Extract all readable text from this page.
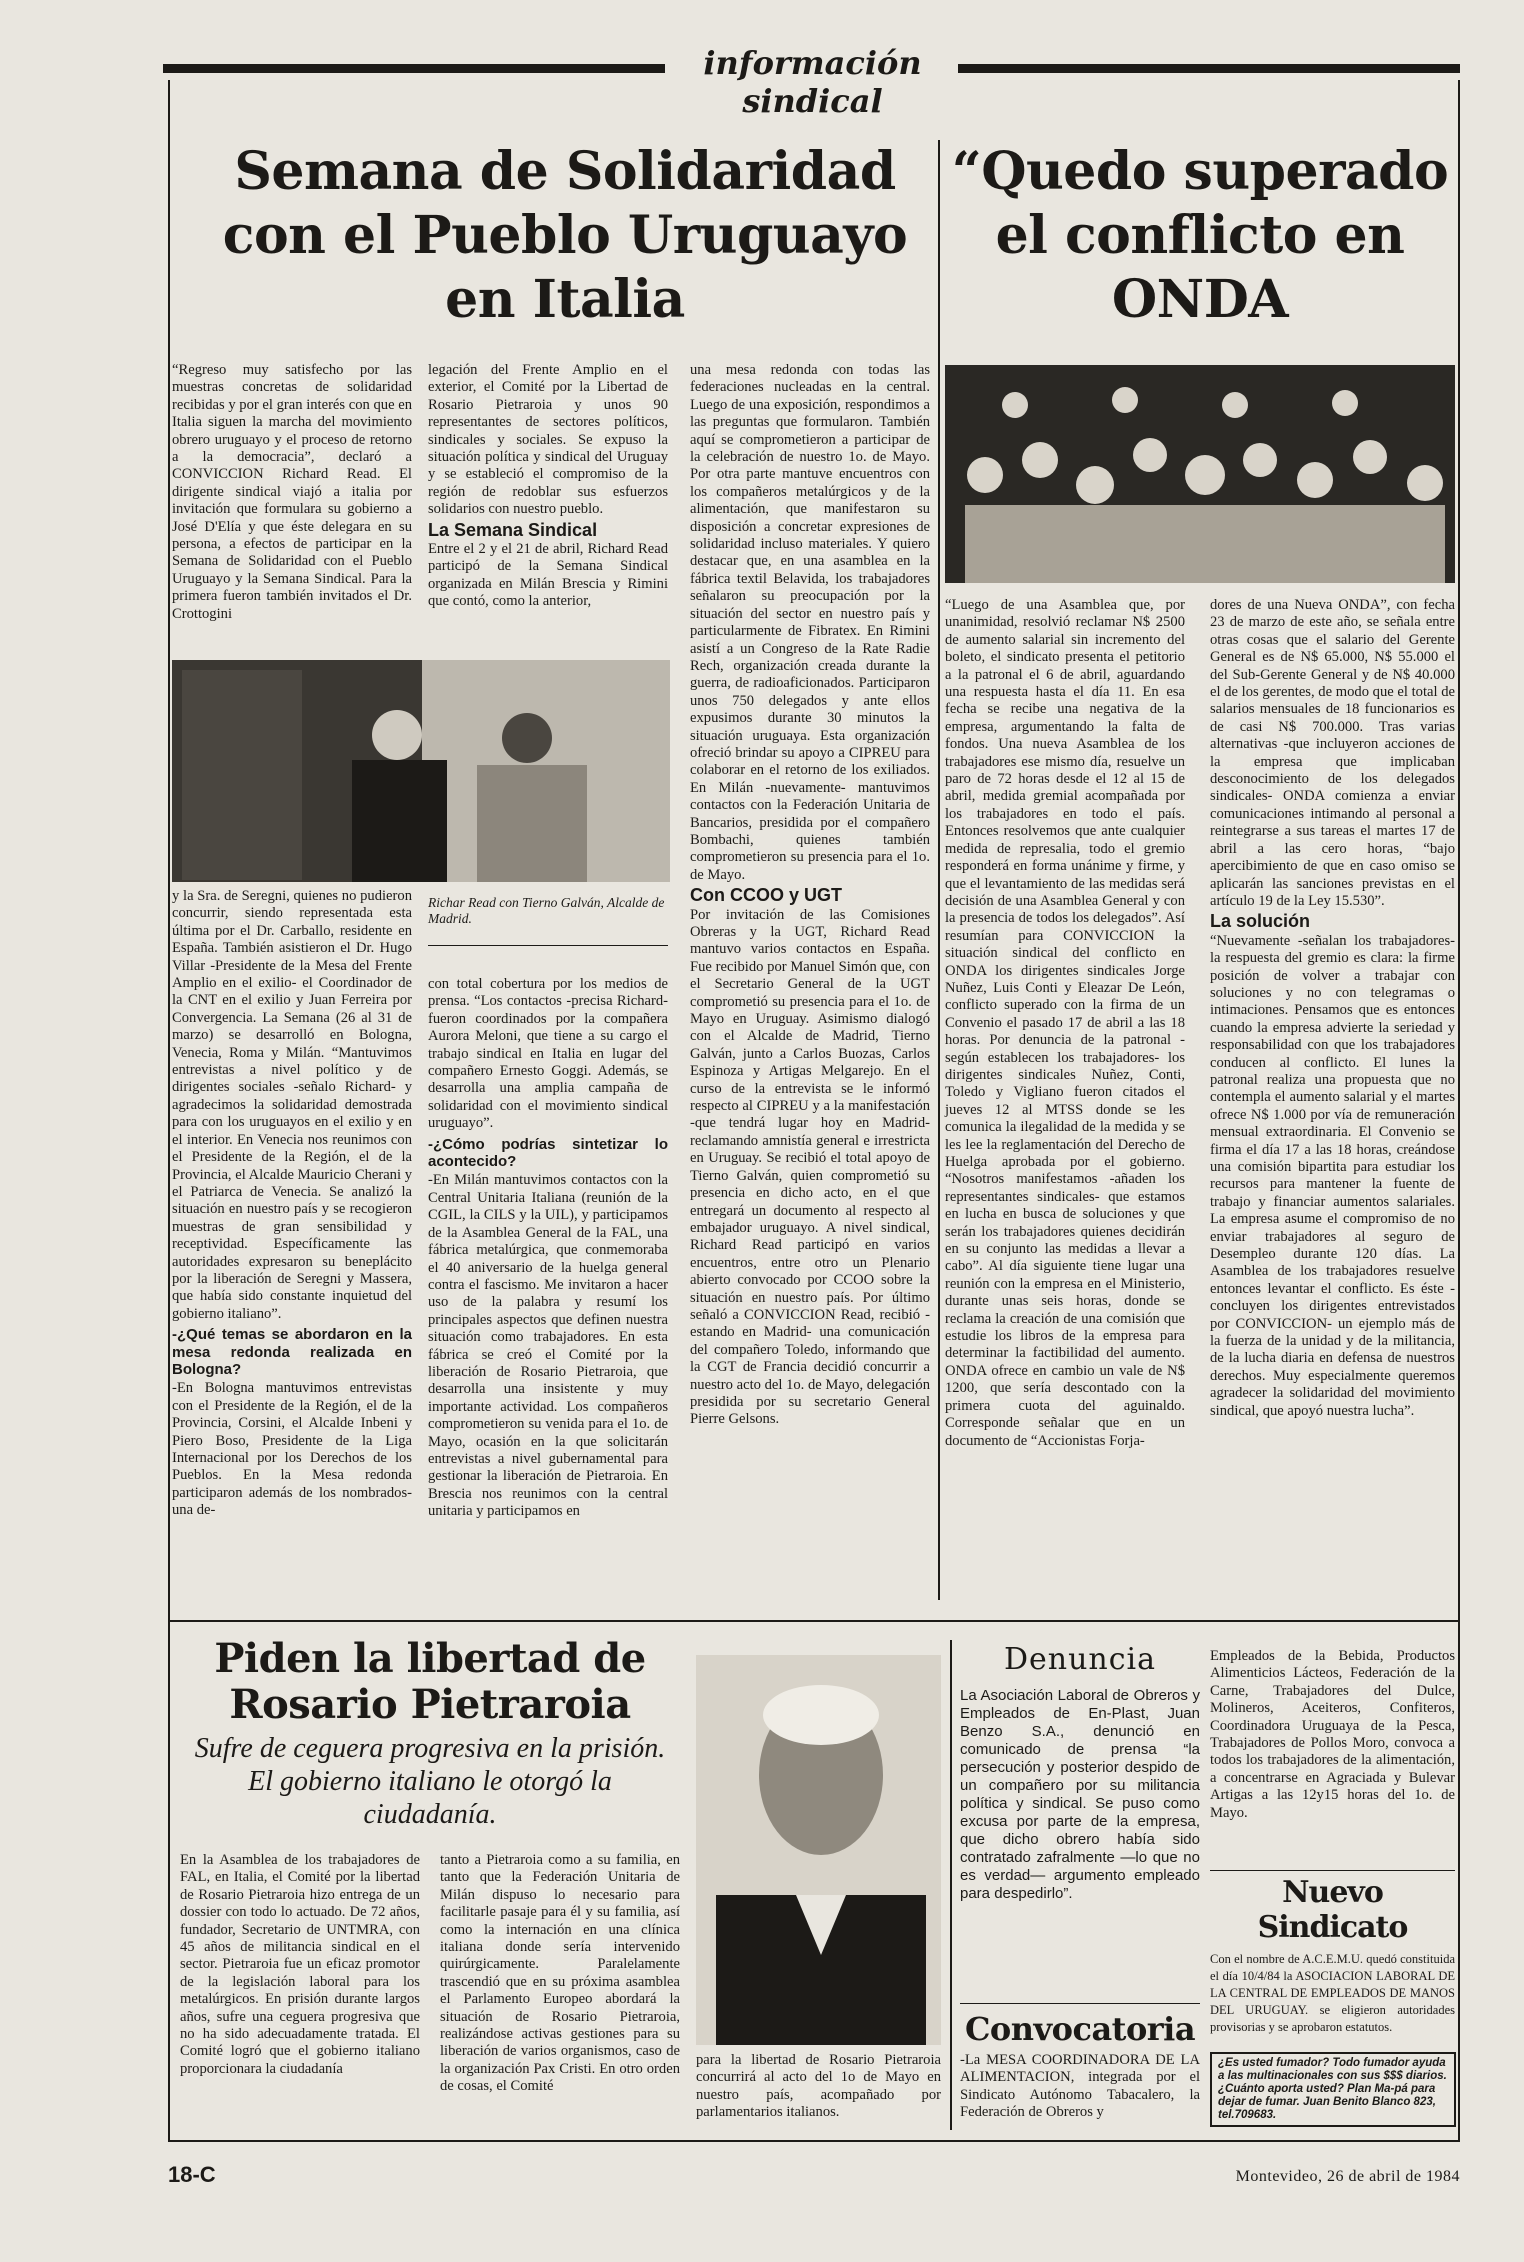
información sindical
Semana de Solidaridad con el Pueblo Uruguayo en Italia
“Regreso muy satisfecho por las muestras concretas de solidaridad recibidas y por el gran interés con que en Italia siguen la marcha del movimiento obrero uruguayo y el proceso de retorno a la democracia”, declaró a CONVICCION Richard Read. El dirigente sindical viajó a italia por invitación que formulara su gobierno a José D'Elía y que éste delegara en su persona, a efectos de participar en la Semana de Solidaridad con el Pueblo Uruguayo y la Semana Sindical. Para la primera fueron también invitados el Dr. Crottogini
legación del Frente Amplio en el exterior, el Comité por la Libertad de Rosario Pietraroia y unos 90 representantes de sectores políticos, sindicales y sociales. Se expuso la situación política y sindical del Uruguay y se estableció el compromiso de la región de redoblar sus esfuerzos solidarios con nuestro pueblo.
La Semana Sindical
Entre el 2 y el 21 de abril, Richard Read participó de la Semana Sindical organizada en Milán Brescia y Rimini que contó, como la anterior,
Richar Read con Tierno Galván, Alcalde de Madrid.
y la Sra. de Seregni, quienes no pudieron concurrir, siendo representada esta última por el Dr. Carballo, residente en España. También asistieron el Dr. Hugo Villar -Presidente de la Mesa del Frente Amplio en el exilio- el Coordinador de la CNT en el exilio y Juan Ferreira por Convergencia. La Semana (26 al 31 de marzo) se desarrolló en Bologna, Venecia, Roma y Milán. “Mantuvimos entrevistas a nivel político y de dirigentes sociales -señalo Richard- y agradecimos la solidaridad demostrada para con los uruguayos en el exilio y en el interior. En Venecia nos reunimos con el Presidente de la Región, el de la Provincia, el Alcalde Mauricio Cherani y el Patriarca de Venecia. Se analizó la situación en nuestro país y se recogieron muestras de gran sensibilidad y receptividad. Específicamente las autoridades expresaron su beneplácito por la liberación de Seregni y Massera, que había sido constante inquietud del gobierno italiano”.
-¿Qué temas se abordaron en la mesa redonda realizada en Bologna?
-En Bologna mantuvimos entrevistas con el Presidente de la Región, el de la Provincia, Corsini, el Alcalde Inbeni y Piero Boso, Presidente de la Liga Internacional por los Derechos de los Pueblos. En la Mesa redonda participaron además de los nombrados- una de-
con total cobertura por los medios de prensa. “Los contactos -precisa Richard- fueron coordinados por la compañera Aurora Meloni, que tiene a su cargo el trabajo sindical en Italia en lugar del compañero Ernesto Goggi. Además, se desarrolla una amplia campaña de solidaridad con el movimiento sindical uruguayo”.
-¿Cómo podrías sintetizar lo acontecido?
-En Milán mantuvimos contactos con la Central Unitaria Italiana (reunión de la CGIL, la CILS y la UIL), y participamos de la Asamblea General de la FAL, una fábrica metalúrgica, que conmemoraba el 40 aniversario de la huelga general contra el fascismo. Me invitaron a hacer uso de la palabra y resumí los principales aspectos que definen nuestra situación como trabajadores. En esta fábrica se creó el Comité por la liberación de Rosario Pietraroia, que desarrolla una insistente y muy importante actividad. Los compañeros comprometieron su venida para el 1o. de Mayo, ocasión en la que solicitarán entrevistas a nivel gubernamental para gestionar la liberación de Pietraroia. En Brescia nos reunimos con la central unitaria y participamos en
una mesa redonda con todas las federaciones nucleadas en la central. Luego de una exposición, respondimos a las preguntas que formularon. También aquí se comprometieron a participar de la celebración de nuestro 1o. de Mayo. Por otra parte mantuve encuentros con los compañeros metalúrgicos y de la alimentación, que manifestaron su disposición a concretar expresiones de solidaridad incluso materiales. Y quiero destacar que, en una asamblea en la fábrica textil Belavida, los trabajadores señalaron su preocupación por la situación del sector en nuestro país y particularmente de Fibratex. En Rimini asistí a un Congreso de la Rate Radie Rech, organización creada durante la guerra, de radioaficionados. Participaron unos 750 delegados y ante ellos expusimos durante 30 minutos la situación uruguaya. Esta organización ofreció brindar su apoyo a CIPREU para colaborar en el retorno de los exiliados. En Milán -nuevamente- mantuvimos contactos con la Federación Unitaria de Bancarios, presidida por el compañero Bombachi, quienes también comprometieron su presencia para el 1o. de Mayo.
Con CCOO y UGT
Por invitación de las Comisiones Obreras y la UGT, Richard Read mantuvo varios contactos en España. Fue recibido por Manuel Simón que, con el Secretario General de la UGT comprometió su presencia para el 1o. de Mayo en Uruguay. Asimismo dialogó con el Alcalde de Madrid, Tierno Galván, junto a Carlos Buozas, Carlos Espinoza y Artigas Melgarejo. En el curso de la entrevista se le informó respecto al CIPREU y a la manifestación -que tendrá lugar hoy en Madrid- reclamando amnistía general e irrestricta en Uruguay. Se recibió el total apoyo de Tierno Galván, quien comprometió su presencia en dicho acto, en el que entregará un documento al respecto al embajador uruguayo. A nivel sindical, Richard Read participó en varios encuentros, entre otro un Plenario abierto convocado por CCOO sobre la situación en nuestro país. Por último señaló a CONVICCION Read, recibió -estando en Madrid- una comunicación del compañero Toledo, informando que la CGT de Francia decidió concurrir a nuestro acto del 1o. de Mayo, delegación presidida por su secretario General Pierre Gelsons.
“Quedo superado el conflicto en ONDA
“Luego de una Asamblea que, por unanimidad, resolvió reclamar N$ 2500 de aumento salarial sin incremento del boleto, el sindicato presenta el petitorio a la patronal el 6 de abril, aguardando una respuesta hasta el día 11. En esa fecha se recibe una negativa de la empresa, argumentando la falta de fondos. Una nueva Asamblea de los trabajadores ese mismo día, resuelve un paro de 72 horas desde el 12 al 15 de abril, medida gremial acompañada por los trabajadores en todo el país. Entonces resolvemos que ante cualquier medida de represalia, todo el gremio responderá en forma unánime y firme, y que el levantamiento de las medidas será decisión de una Asamblea General y con la presencia de todos los delegados”. Así resumían para CONVICCION la situación sindical del conflicto en ONDA los dirigentes sindicales Jorge Nuñez, Luis Conti y Eleazar De León, conflicto superado con la firma de un Convenio el pasado 17 de abril a las 18 horas. Por denuncia de la patronal -según establecen los trabajadores- los dirigentes sindicales Nuñez, Conti, Toledo y Vigliano fueron citados el jueves 12 al MTSS donde se les comunica la ilegalidad de la medida y se les lee la reglamentación del Derecho de Huelga aprobada por el gobierno. “Nosotros manifestamos -añaden los representantes sindicales- que estamos en lucha en busca de soluciones y que serán los trabajadores quienes decidirán en su conjunto las medidas a llevar a cabo”. Al día siguiente tiene lugar una reunión con la empresa en el Ministerio, durante unas seis horas, donde se reclama la creación de una comisión que estudie los libros de la empresa para determinar la factibilidad del aumento. ONDA ofrece en cambio un vale de N$ 1200, que sería descontado con la primera cuota del aguinaldo. Corresponde señalar que en un documento de “Accionistas Forja-
dores de una Nueva ONDA”, con fecha 23 de marzo de este año, se señala entre otras cosas que el salario del Gerente General es de N$ 65.000, N$ 55.000 el del Sub-Gerente General y de N$ 40.000 el de los gerentes, de modo que el total de salarios mensuales de 18 funcionarios es de casi N$ 700.000. Tras varias alternativas -que incluyeron acciones de la empresa que implicaban desconocimiento de los delegados sindicales- ONDA comienza a enviar comunicaciones intimando al personal a reintegrarse a sus tareas el martes 17 de abril a las cero horas, “bajo apercibimiento de que en caso omiso se aplicarán las sanciones previstas en el artículo 19 de la Ley 15.530”.
La solución
“Nuevamente -señalan los trabajadores- la respuesta del gremio es clara: la firme posición de volver a trabajar con soluciones y no con telegramas o intimaciones. Pensamos que es entonces cuando la empresa advierte la seriedad y responsabilidad con que los trabajadores conducen al conflicto. El lunes la patronal realiza una propuesta que no contempla el aumento salarial y el martes ofrece N$ 1.000 por vía de remuneración mensual extraordinaria. El Convenio se firma el día 17 a las 18 horas, creándose una comisión bipartita para estudiar los recursos para mantener la fuente de trabajo y financiar aumentos salariales. La empresa asume el compromiso de no enviar trabajadores al seguro de Desempleo durante 120 días. La Asamblea de los trabajadores resuelve entonces levantar el conflicto. Es éste -concluyen los dirigentes entrevistados por CONVICCION- un ejemplo más de la fuerza de la unidad y de la militancia, de la lucha diaria en defensa de nuestros derechos. Muy especialmente queremos agradecer la solidaridad del movimiento sindical, que apoyó nuestra lucha”.
Piden la libertad de Rosario Pietraroia
Sufre de ceguera progresiva en la prisión. El gobierno italiano le otorgó la ciudadanía.
En la Asamblea de los trabajadores de FAL, en Italia, el Comité por la libertad de Rosario Pietraroia hizo entrega de un dossier con todo lo actuado. De 72 años, fundador, Secretario de UNTMRA, con 45 años de militancia sindical en el sector. Pietraroia fue un eficaz promotor de la legislación laboral para los metalúrgicos. En prisión durante largos años, sufre una ceguera progresiva que no ha sido adecuadamente tratada. El Comité logró que el gobierno italiano proporcionara la ciudadanía
tanto a Pietraroia como a su familia, en tanto que la Federación Unitaria de Milán dispuso lo necesario para facilitarle pasaje para él y su familia, así como la internación en una clínica italiana donde sería intervenido quirúrgicamente. Paralelamente trascendió que en su próxima asamblea el Parlamento Europeo abordará la situación de Rosario Pietraroia, realizándose activas gestiones para su liberación de varios organismos, caso de la organización Pax Cristi. En otro orden de cosas, el Comité
para la libertad de Rosario Pietraroia concurrirá al acto del 1o de Mayo en nuestro país, acompañado por parlamentarios italianos.
Denuncia
La Asociación Laboral de Obreros y Empleados de En-Plast, Juan Benzo S.A., denunció en comunicado de prensa “la persecución y posterior despido de un compañero por su militancia política y sindical. Se puso como excusa por parte de la empresa, que dicho obrero había sido contratado zafralmente —lo que no es verdad— argumento empleado para despedirlo”.
Convocatoria
-La MESA COORDINADORA DE LA ALIMENTACION, integrada por el Sindicato Autónomo Tabacalero, la Federación de Obreros y
Empleados de la Bebida, Productos Alimenticios Lácteos, Federación de la Carne, Trabajadores del Dulce, Molineros, Aceiteros, Confiteros, Coordinadora Uruguaya de la Pesca, Trabajadores de Pollos Moro, convoca a todos los trabajadores de la alimentación, a concentrarse en Agraciada y Bulevar Artigas a las 12y15 horas del 1o. de Mayo.
Nuevo Sindicato
Con el nombre de A.C.E.M.U. quedó constituida el día 10/4/84 la ASOCIACION LABORAL DE LA CENTRAL DE EMPLEADOS DE MANOS DEL URUGUAY. se eligieron autoridades provisorias y se aprobaron estatutos.
¿Es usted fumador? Todo fumador ayuda a las multinacionales con sus $$$ diarios. ¿Cuánto aporta usted? Plan Ma-pá para dejar de fumar. Juan Benito Blanco 823, tel.709683.
18-C	Montevideo, 26 de abril de 1984
